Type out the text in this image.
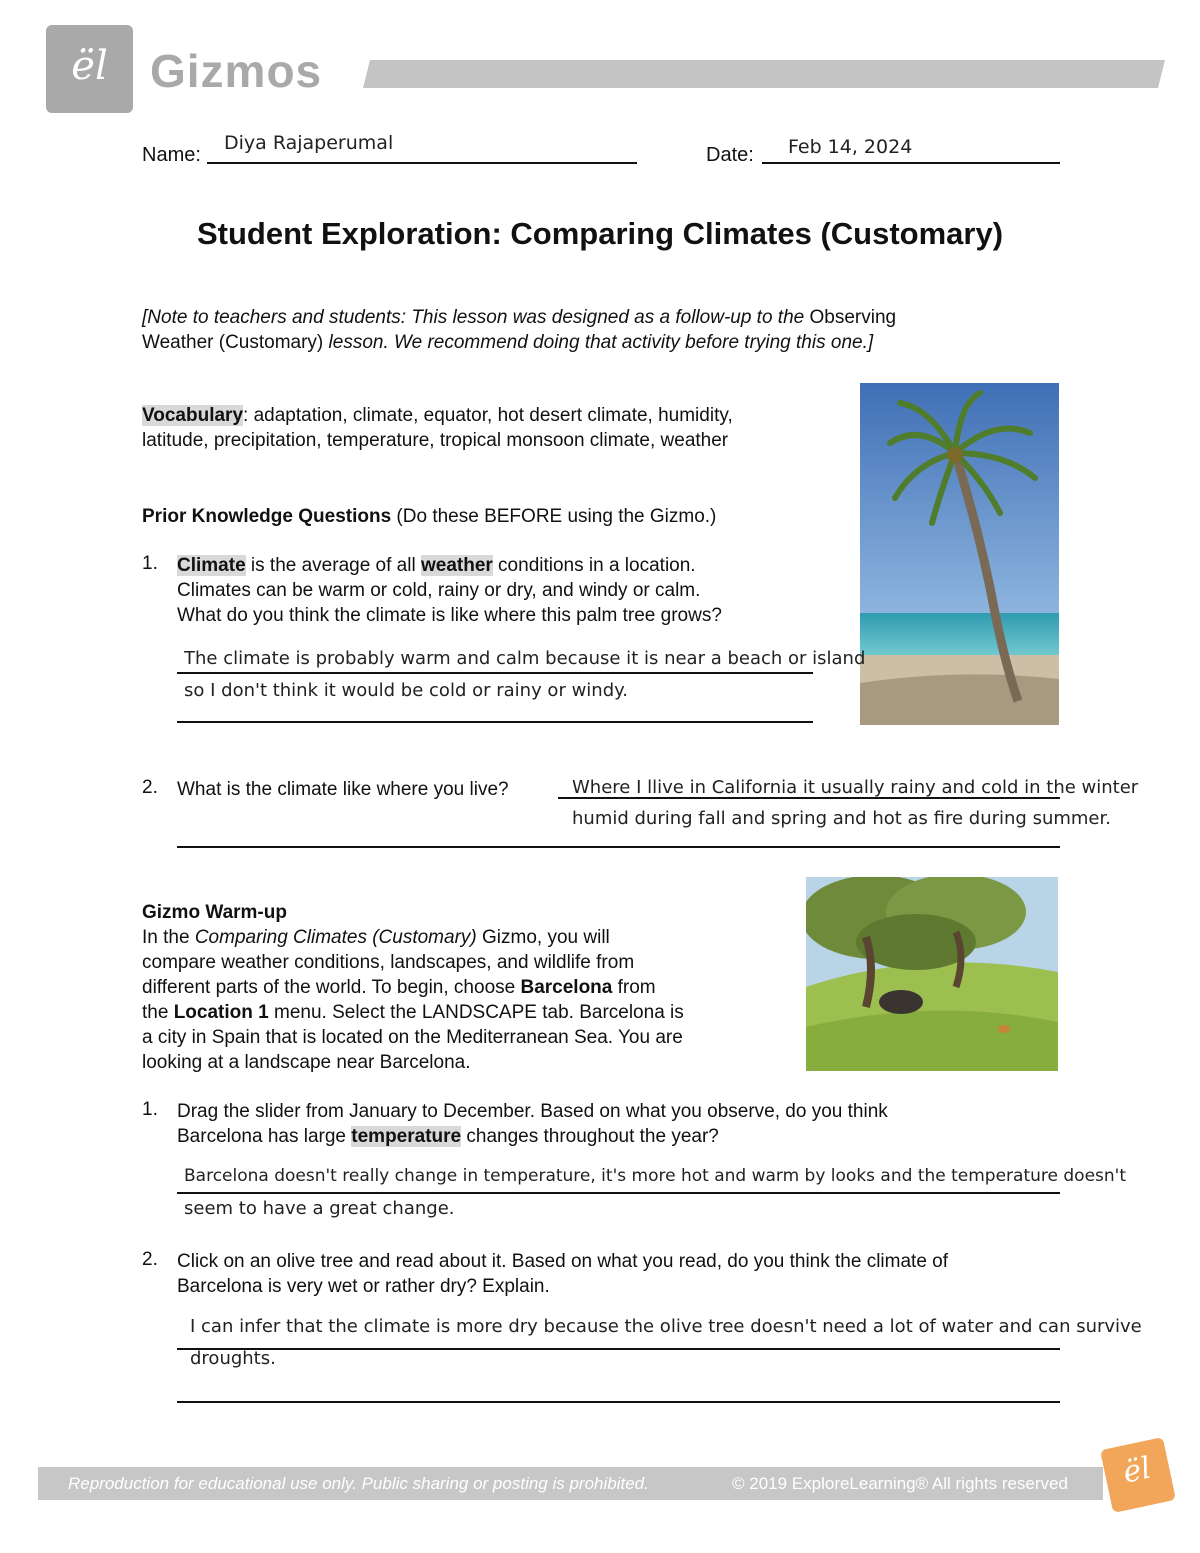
ël Gizmos
Name:
Diya Rajaperumal
Date: Feb 14, 2024
Student Exploration: Comparing Climates (Customary)
[Note to teachers and students: This lesson was designed as a follow-up to the Observing
Weather (Customary) lesson. We recommend doing that activity before trying this one.]
Vocabulary: adaptation, climate, equator, hot desert climate, humidity,
latitude, precipitation, temperature, tropical monsoon climate, weather
Prior Knowledge Questions (Do these BEFORE using the Gizmo.)
1. Climate is the average of all weather conditions in a location.
Climates can be warm or cold, rainy or dry, and windy or calm.
What do you think the climate is like where this palm tree grows?
The climate is probably warm and calm because it is near a beach or island
so I don't think it would be cold or rainy or windy.
2. What is the climate like where you live?	Where I llive in California it usually rainy and cold in the winter
humid during fall and spring and hot as fire during summer.
Gizmo Warm-up
In the Comparing Climates (Customary) Gizmo, you will
compare weather conditions, landscapes, and wildlife from
different parts of the world. To begin, choose Barcelona from
the Location 1 menu. Select the LANDSCAPE tab. Barcelona is
a city in Spain that is located on the Mediterranean Sea. You are
looking at a landscape near Barcelona.
1. Drag the slider from January to December. Based on what you observe, do you think
Barcelona has large temperature changes throughout the year?
Barcelona doesn't really change in temperature, it's more hot and warm by looks and the temperature doesn't
seem to have a great change.
2. Click on an olive tree and read about it. Based on what you read, do you think the climate of
Barcelona is very wet or rather dry? Explain.
I can infer that the climate is more dry because the olive tree doesn't need a lot of water and can survive
droughts.
Reproduction for educational use only. Public sharing or posting is prohibited.	© 2019 ExploreLearning® All rights reserved	ël
